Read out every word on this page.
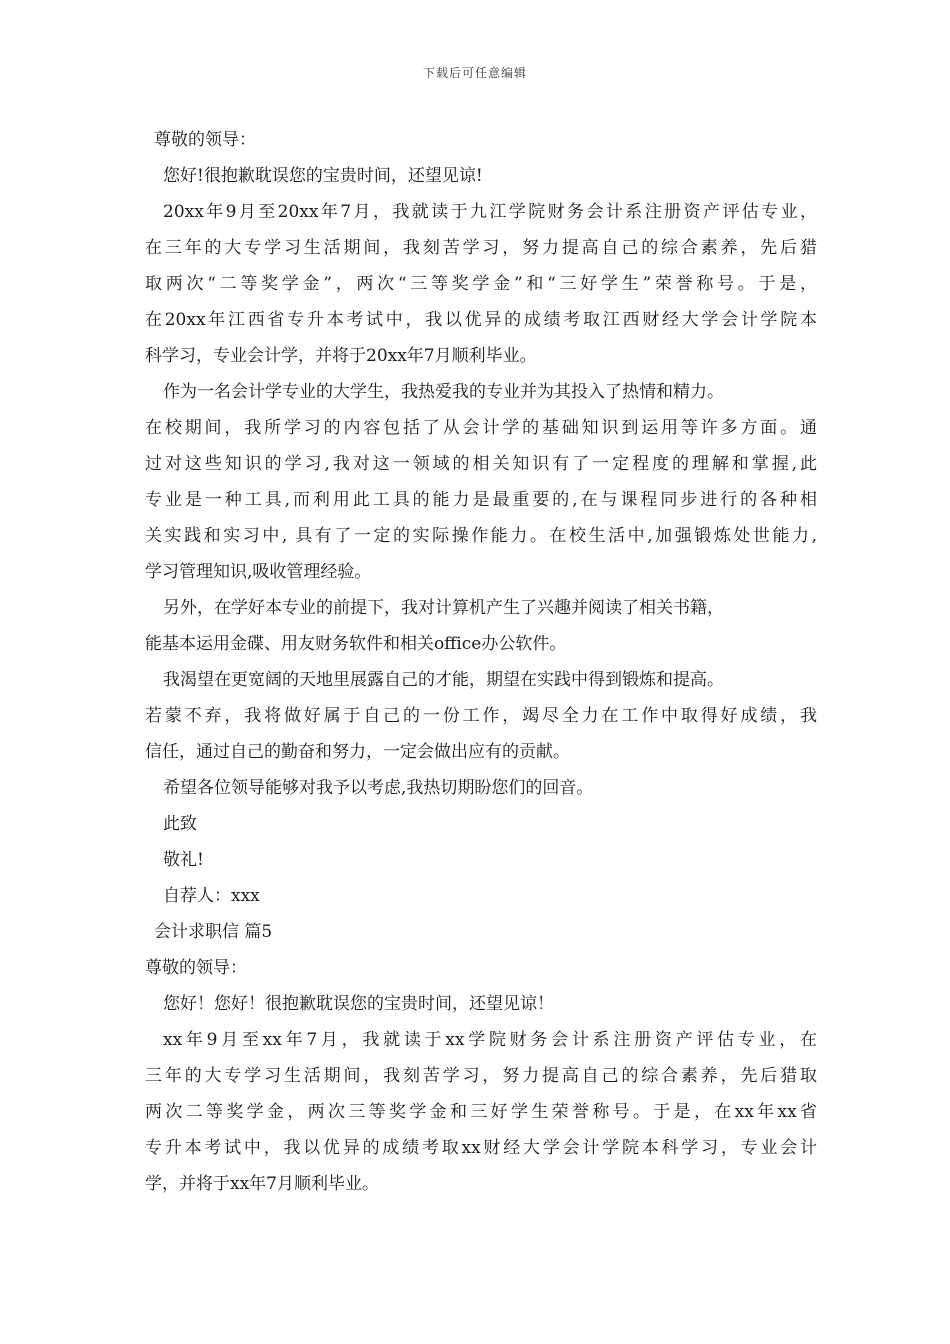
下载后可任意编辑

尊敬的领导：

您好!很抱歉耽误您的宝贵时间，还望见谅!

20xx年9月至20xx年7月，我就读于九江学院财务会计系注册资产评估专业，

在三年的大专学习生活期间，我刻苦学习，努力提高自己的综合素养，先后猎

取两次“二等奖学金”，两次“三等奖学金”和“三好学生”荣誉称号。于是，

在20xx年江西省专升本考试中，我以优异的成绩考取江西财经大学会计学院本

科学习，专业会计学，并将于20xx年7月顺利毕业。

作为一名会计学专业的大学生，我热爱我的专业并为其投入了热情和精力。

在校期间，我所学习的内容包括了从会计学的基础知识到运用等许多方面。通

过对这些知识的学习,我对这一领域的相关知识有了一定程度的理解和掌握,此

专业是一种工具,而利用此工具的能力是最重要的,在与课程同步进行的各种相

关实践和实习中, 具有了一定的实际操作能力。在校生活中,加强锻炼处世能力,

学习管理知识,吸收管理经验。

另外，在学好本专业的前提下，我对计算机产生了兴趣并阅读了相关书籍，

能基本运用金碟、用友财务软件和相关office办公软件。

我渴望在更宽阔的天地里展露自己的才能，期望在实践中得到锻炼和提高。

若蒙不弃，我将做好属于自己的一份工作，竭尽全力在工作中取得好成绩，我

信任，通过自己的勤奋和努力，一定会做出应有的贡献。

希望各位领导能够对我予以考虑,我热切期盼您们的回音。

此致

敬礼!

自荐人：xxx

会计求职信 篇5

尊敬的领导：

您好！您好！很抱歉耽误您的宝贵时间，还望见谅！

xx年9月至xx年7月，我就读于xx学院财务会计系注册资产评估专业，在

三年的大专学习生活期间，我刻苦学习，努力提高自己的综合素养，先后猎取

两次二等奖学金，两次三等奖学金和三好学生荣誉称号。于是，在xx年xx省

专升本考试中，我以优异的成绩考取xx财经大学会计学院本科学习，专业会计

学，并将于xx年7月顺利毕业。
